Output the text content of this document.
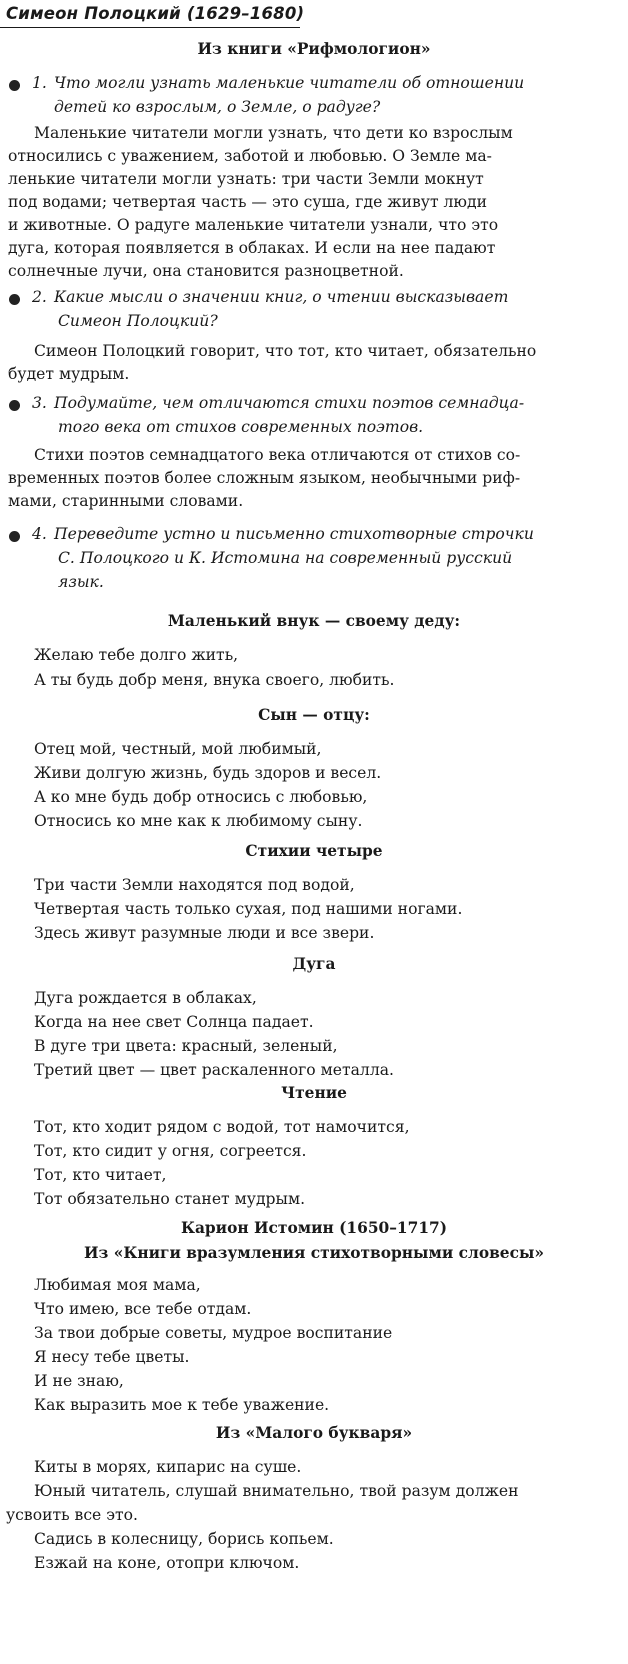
Симеон Полоцкий (1629–1680)
Из книги «Рифмологион»
1. Что могли узнать маленькие читатели об отношении
детей ко взрослым, о Земле, о радуге?
Маленькие читатели могли узнать, что дети ко взрослым
относились с уважением, заботой и любовью. О Земле ма-
ленькие читатели могли узнать: три части Земли мокнут
под водами; четвертая часть — это суша, где живут люди
и животные. О радуге маленькие читатели узнали, что это
дуга, которая появляется в облаках. И если на нее падают
солнечные лучи, она становится разноцветной.
2. Какие мысли о значении книг, о чтении высказывает
Симеон Полоцкий?
Симеон Полоцкий говорит, что тот, кто читает, обязательно
будет мудрым.
3. Подумайте, чем отличаются стихи поэтов семнадца-
того века от стихов современных поэтов.
Стихи поэтов семнадцатого века отличаются от стихов со-
временных поэтов более сложным языком, необычными риф-
мами, старинными словами.
4. Переведите устно и письменно стихотворные строчки
С. Полоцкого и К. Истомина на современный русский
язык.
Маленький внук — своему деду:
Желаю тебе долго жить,
А ты будь добр меня, внука своего, любить.
Сын — отцу:
Отец мой, честный, мой любимый,
Живи долгую жизнь, будь здоров и весел.
А ко мне будь добр относись с любовью,
Относись ко мне как к любимому сыну.
Стихии четыре
Три части Земли находятся под водой,
Четвертая часть только сухая, под нашими ногами.
Здесь живут разумные люди и все звери.
Дуга
Дуга рождается в облаках,
Когда на нее свет Солнца падает.
В дуге три цвета: красный, зеленый,
Третий цвет — цвет раскаленного металла.
Чтение
Тот, кто ходит рядом с водой, тот намочится,
Тот, кто сидит у огня, согреется.
Тот, кто читает,
Тот обязательно станет мудрым.
Карион Истомин (1650–1717)
Из «Книги вразумления стихотворными словесы»
Любимая моя мама,
Что имею, все тебе отдам.
За твои добрые советы, мудрое воспитание
Я несу тебе цветы.
И не знаю,
Как выразить мое к тебе уважение.
Из «Малого букваря»
Киты в морях, кипарис на суше.
Юный читатель, слушай внимательно, твой разум должен
усвоить все это.
Садись в колесницу, борись копьем.
Езжай на коне, отопри ключом.
